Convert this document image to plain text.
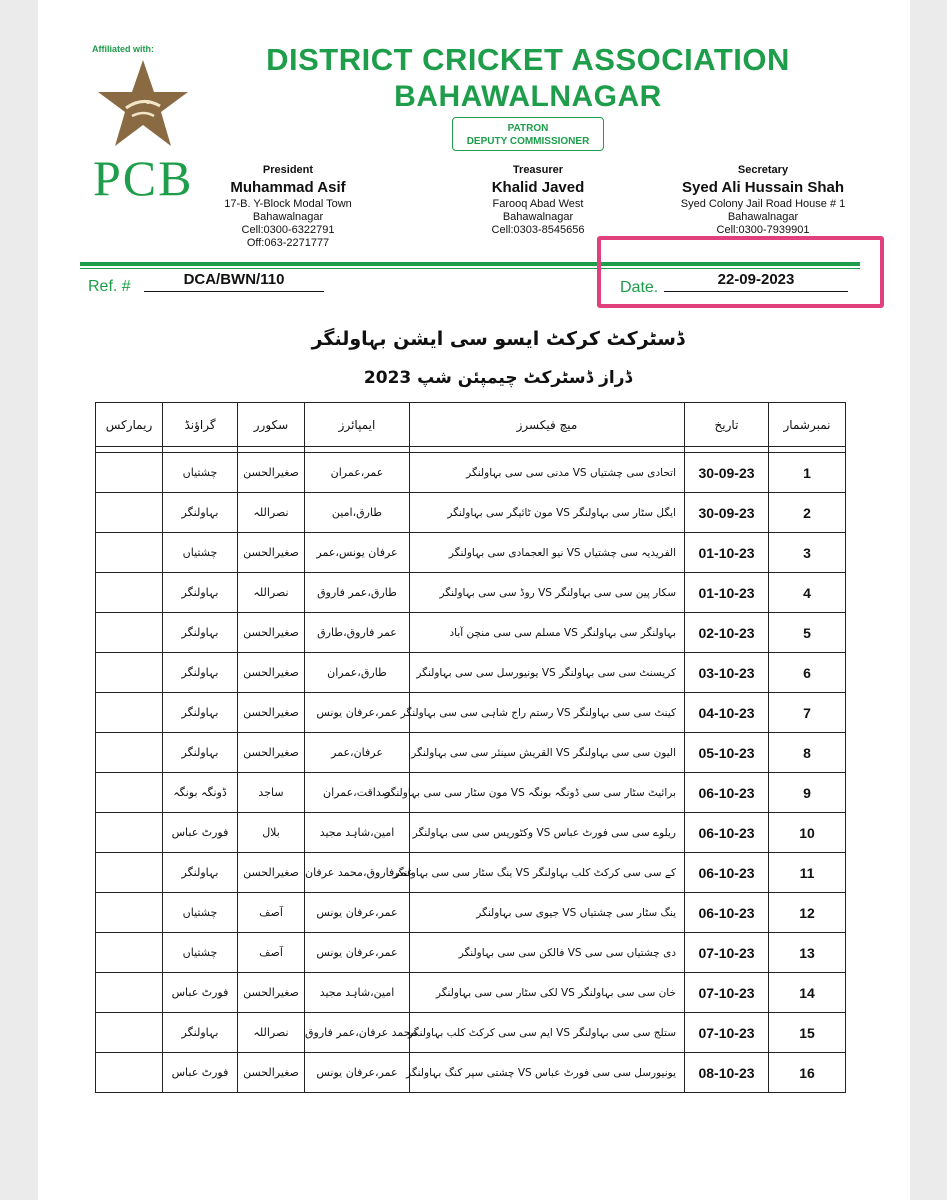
Affiliated with:
PCB
DISTRICT CRICKET ASSOCIATION
BAHAWALNAGAR
PATRON
DEPUTY COMMISSIONER
President
Muhammad Asif
17-B. Y-Block Modal Town
Bahawalnagar
Cell:0300-6322791
Off:063-2271777
Treasurer
Khalid Javed
Farooq Abad West
Bahawalnagar
Cell:0303-8545656
Secretary
Syed Ali Hussain Shah
Syed Colony Jail Road House # 1
Bahawalnagar
Cell:0300-7939901
Ref. #	DCA/BWN/110	Date.	22-09-2023
ڈسٹرکٹ کرکٹ ایسو سی ایشن بہاولنگر
ڈراز ڈسٹرکٹ چیمپئن شپ 2023
ریمارکس	گراؤنڈ	سکورر	ایمپائرز	میچ فیکسرز	تاریخ	نمبرشمار

	چشتیاں	صغیرالحسن	عمر،عمران	اتحادی سی چشتیاں VS مدنی سی سی بہاولنگر	30-09-23	1
	بہاولنگر	نصراللہ	طارق،امین	ایگل سٹار سی بہاولنگر VS مون ٹائیگر سی بہاولنگر	30-09-23	2
	چشتیاں	صغیرالحسن	عرفان یونس،عمر	الفریدیہ سی چشتیاں VS نیو العجمادی سی بہاولنگر	01-10-23	3
	بہاولنگر	نصراللہ	طارق،عمر فاروق	سکار پین سی سی بہاولنگر VS روڈ سی سی بہاولنگر	01-10-23	4
	بہاولنگر	صغیرالحسن	عمر فاروق،طارق	بہاولنگر سی بہاولنگر VS مسلم سی سی منچن آباد	02-10-23	5
	بہاولنگر	صغیرالحسن	طارق،عمران	کریسنٹ سی سی بہاولنگر VS یونیورسل سی سی بہاولنگر	03-10-23	6
	بہاولنگر	صغیرالحسن	عمر،عرفان یونس	کینٹ سی سی بہاولنگر VS رستم راج شاہی سی سی بہاولنگر	04-10-23	7
	بہاولنگر	صغیرالحسن	عرفان،عمر	الیون سی سی بہاولنگر VS القریش سینئر سی سی بہاولنگر	05-10-23	8
	ڈونگہ بونگہ	ساجد	صداقت،عمران	برائیٹ سٹار سی سی ڈونگہ بونگہ VS مون سٹار سی سی بہاولنگر	06-10-23	9
	فورٹ عباس	بلال	امین،شاہد مجید	ریلوے سی سی فورٹ عباس VS وکٹوریس سی سی بہاولنگر	06-10-23	10
	بہاولنگر	صغیرالحسن	عمرفاروق،محمد عرفان	کے سی سی کرکٹ کلب بہاولنگر VS ینگ سٹار سی سی بہاولنگر	06-10-23	11
	چشتیاں	آصف	عمر،عرفان یونس	ینگ سٹار سی چشتیاں VS جیوی سی بہاولنگر	06-10-23	12
	چشتیاں	آصف	عمر،عرفان یونس	دی چشتیاں سی سی VS فالکن سی سی بہاولنگر	07-10-23	13
	فورٹ عباس	صغیرالحسن	امین،شاہد مجید	خان سی سی بہاولنگر VS لکی سٹار سی سی بہاولنگر	07-10-23	14
	بہاولنگر	نصراللہ	محمد عرفان،عمر فاروق	ستلج سی سی بہاولنگر VS ایم سی سی کرکٹ کلب بہاولنگر	07-10-23	15
	فورٹ عباس	صغیرالحسن	عمر،عرفان یونس	یونیورسل سی سی فورٹ عباس VS چشتی سپر کنگ بہاولنگر	08-10-23	16
